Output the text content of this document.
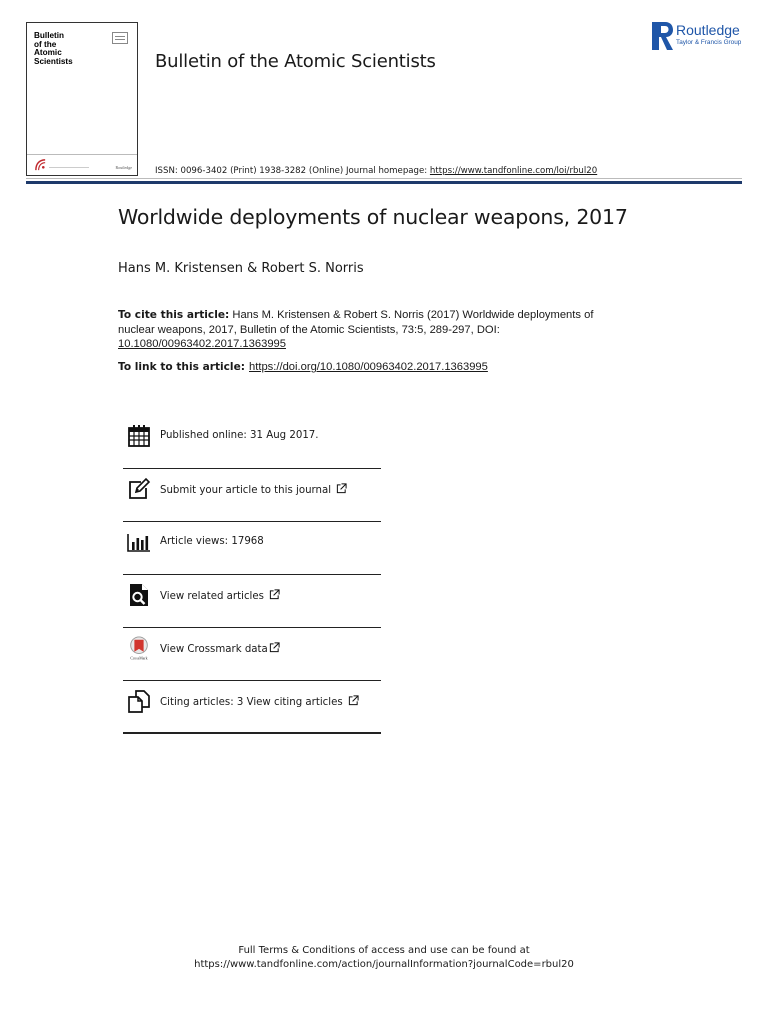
Bulletin
of the
Atomic
Scientists
Routledge
Bulletin of the Atomic Scientists
Routledge
Taylor & Francis Group
ISSN: 0096-3402 (Print) 1938-3282 (Online) Journal homepage: https://www.tandfonline.com/loi/rbul20
Worldwide deployments of nuclear weapons, 2017
Hans M. Kristensen & Robert S. Norris
To cite this article: Hans M. Kristensen & Robert S. Norris (2017) Worldwide deployments of nuclear weapons, 2017, Bulletin of the Atomic Scientists, 73:5, 289-297, DOI: 10.1080/00963402.2017.1363995
To link to this article: https://doi.org/10.1080/00963402.2017.1363995
Published online: 31 Aug 2017.
Submit your article to this journal
Article views: 17968
View related articles
CrossMark
View Crossmark data
Citing articles: 3 View citing articles
Full Terms & Conditions of access and use can be found at
https://www.tandfonline.com/action/journalInformation?journalCode=rbul20
